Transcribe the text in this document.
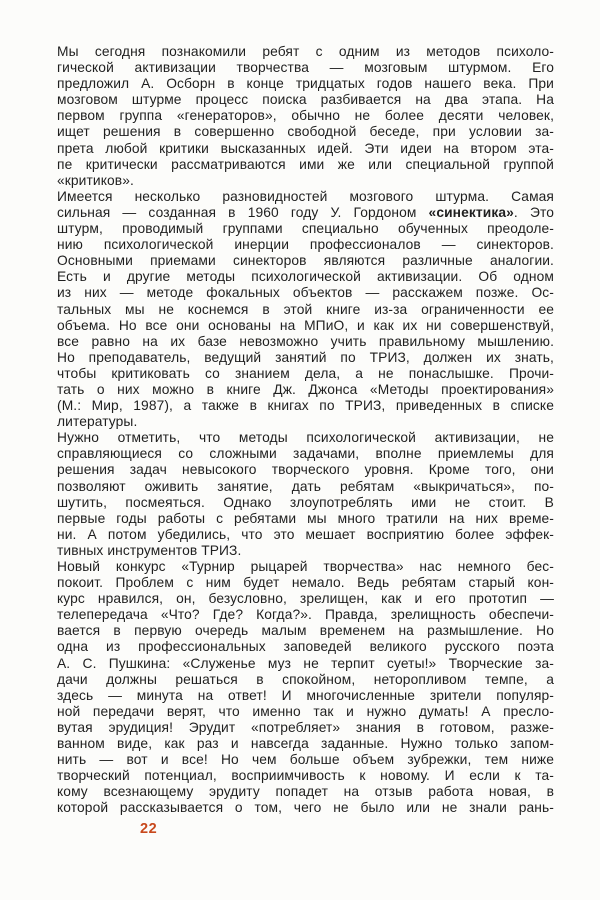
Мы сегодня познакомили ребят с одним из методов психоло-
гической активизации творчества — мозговым штурмом. Его
предложил А. Осборн в конце тридцатых годов нашего века. При
мозговом штурме процесс поиска разбивается на два этапа. На
первом группа «генераторов», обычно не более десяти человек,
ищет решения в совершенно свободной беседе, при условии за-
прета любой критики высказанных идей. Эти идеи на втором эта-
пе критически рассматриваются ими же или специальной группой
«критиков».
Имеется несколько разновидностей мозгового штурма. Самая
сильная — созданная в 1960 году У. Гордоном «синектика». Это
штурм, проводимый группами специально обученных преодоле-
нию психологической инерции профессионалов — синекторов.
Основными приемами синекторов являются различные аналогии.
Есть и другие методы психологической активизации. Об одном
из них — методе фокальных объектов — расскажем позже. Ос-
тальных мы не коснемся в этой книге из-за ограниченности ее
объема. Но все они основаны на МПиО, и как их ни совершенствуй,
все равно на их базе невозможно учить правильному мышлению.
Но преподаватель, ведущий занятий по ТРИЗ, должен их знать,
чтобы критиковать со знанием дела, а не понаслышке. Прочи-
тать о них можно в книге Дж. Джонса «Методы проектирования»
(М.: Мир, 1987), а также в книгах по ТРИЗ, приведенных в списке
литературы.
Нужно отметить, что методы психологической активизации, не
справляющиеся со сложными задачами, вполне приемлемы для
решения задач невысокого творческого уровня. Кроме того, они
позволяют оживить занятие, дать ребятам «выкричаться», по-
шутить, посмеяться. Однако злоупотреблять ими не стоит. В
первые годы работы с ребятами мы много тратили на них време-
ни. А потом убедились, что это мешает восприятию более эффек-
тивных инструментов ТРИЗ.
Новый конкурс «Турнир рыцарей творчества» нас немного бес-
покоит. Проблем с ним будет немало. Ведь ребятам старый кон-
курс нравился, он, безусловно, зрелищен, как и его прототип —
телепередача «Что? Где? Когда?». Правда, зрелищность обеспечи-
вается в первую очередь малым временем на размышление. Но
одна из профессиональных заповедей великого русского поэта
А. С. Пушкина: «Служенье муз не терпит суеты!» Творческие за-
дачи должны решаться в спокойном, неторопливом темпе, а
здесь — минута на ответ! И многочисленные зрители популяр-
ной передачи верят, что именно так и нужно думать! А пресло-
вутая эрудиция! Эрудит «потребляет» знания в готовом, разже-
ванном виде, как раз и навсегда заданные. Нужно только запом-
нить — вот и все! Но чем больше объем зубрежки, тем ниже
творческий потенциал, восприимчивость к новому. И если к та-
кому всезнающему эрудиту попадет на отзыв работа новая, в
которой рассказывается о том, чего не было или не знали рань-
22
